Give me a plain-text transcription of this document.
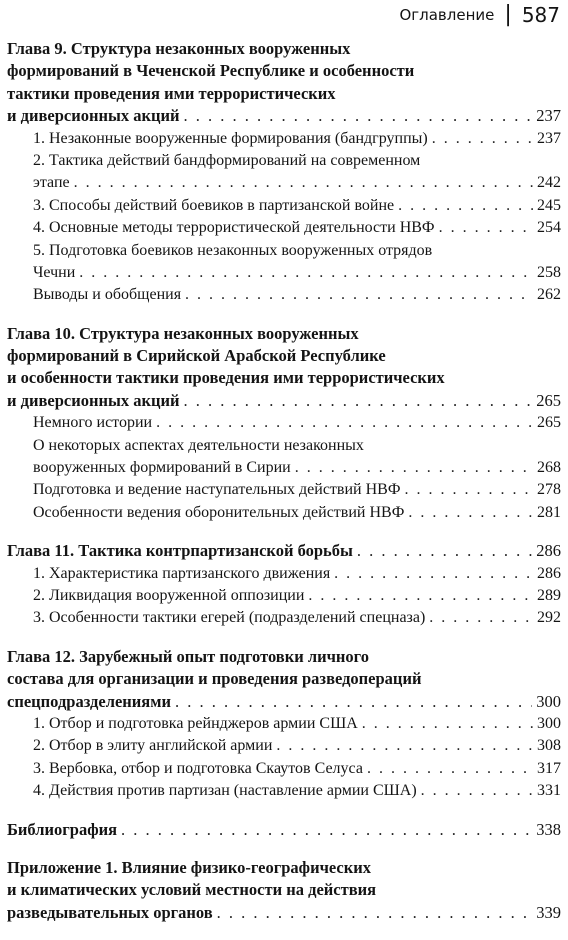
Оглавление | 587
Глава 9. Структура незаконных вооруженных
формирований в Чеченской Республике и особенности
тактики проведения ими террористических
и диверсионных акций . . .	237
1. Незаконные вооруженные формирования (бандгруппы) . . .	237
2. Тактика действий бандформирований на современном
этапе . . .	242
3. Способы действий боевиков в партизанской войне . . .	245
4. Основные методы террористической деятельности НВФ . . .	254
5. Подготовка боевиков незаконных вооруженных отрядов
Чечни . . .	258
Выводы и обобщения . . .	262
Глава 10. Структура незаконных вооруженных
формирований в Сирийской Арабской Республике
и особенности тактики проведения ими террористических
и диверсионных акций . . .	265
Немного истории . . .	265
О некоторых аспектах деятельности незаконных
вооруженных формирований в Сирии . . .	268
Подготовка и ведение наступательных действий НВФ . . .	278
Особенности ведения оборонительных действий НВФ . . .	281
Глава 11. Тактика контрпартизанской борьбы . . .	286
1. Характеристика партизанского движения . . .	286
2. Ликвидация вооруженной оппозиции . . .	289
3. Особенности тактики егерей (подразделений спецназа) . . .	292
Глава 12. Зарубежный опыт подготовки личного
состава для организации и проведения разведопераций
спецподразделениями . . .	300
1. Отбор и подготовка рейнджеров армии США . . .	300
2. Отбор в элиту английской армии . . .	308
3. Вербовка, отбор и подготовка Скаутов Селуса . . .	317
4. Действия против партизан (наставление армии США) . . .	331
Библиография . . .	338
Приложение 1. Влияние физико-географических
и климатических условий местности на действия
разведывательных органов . . .	339
